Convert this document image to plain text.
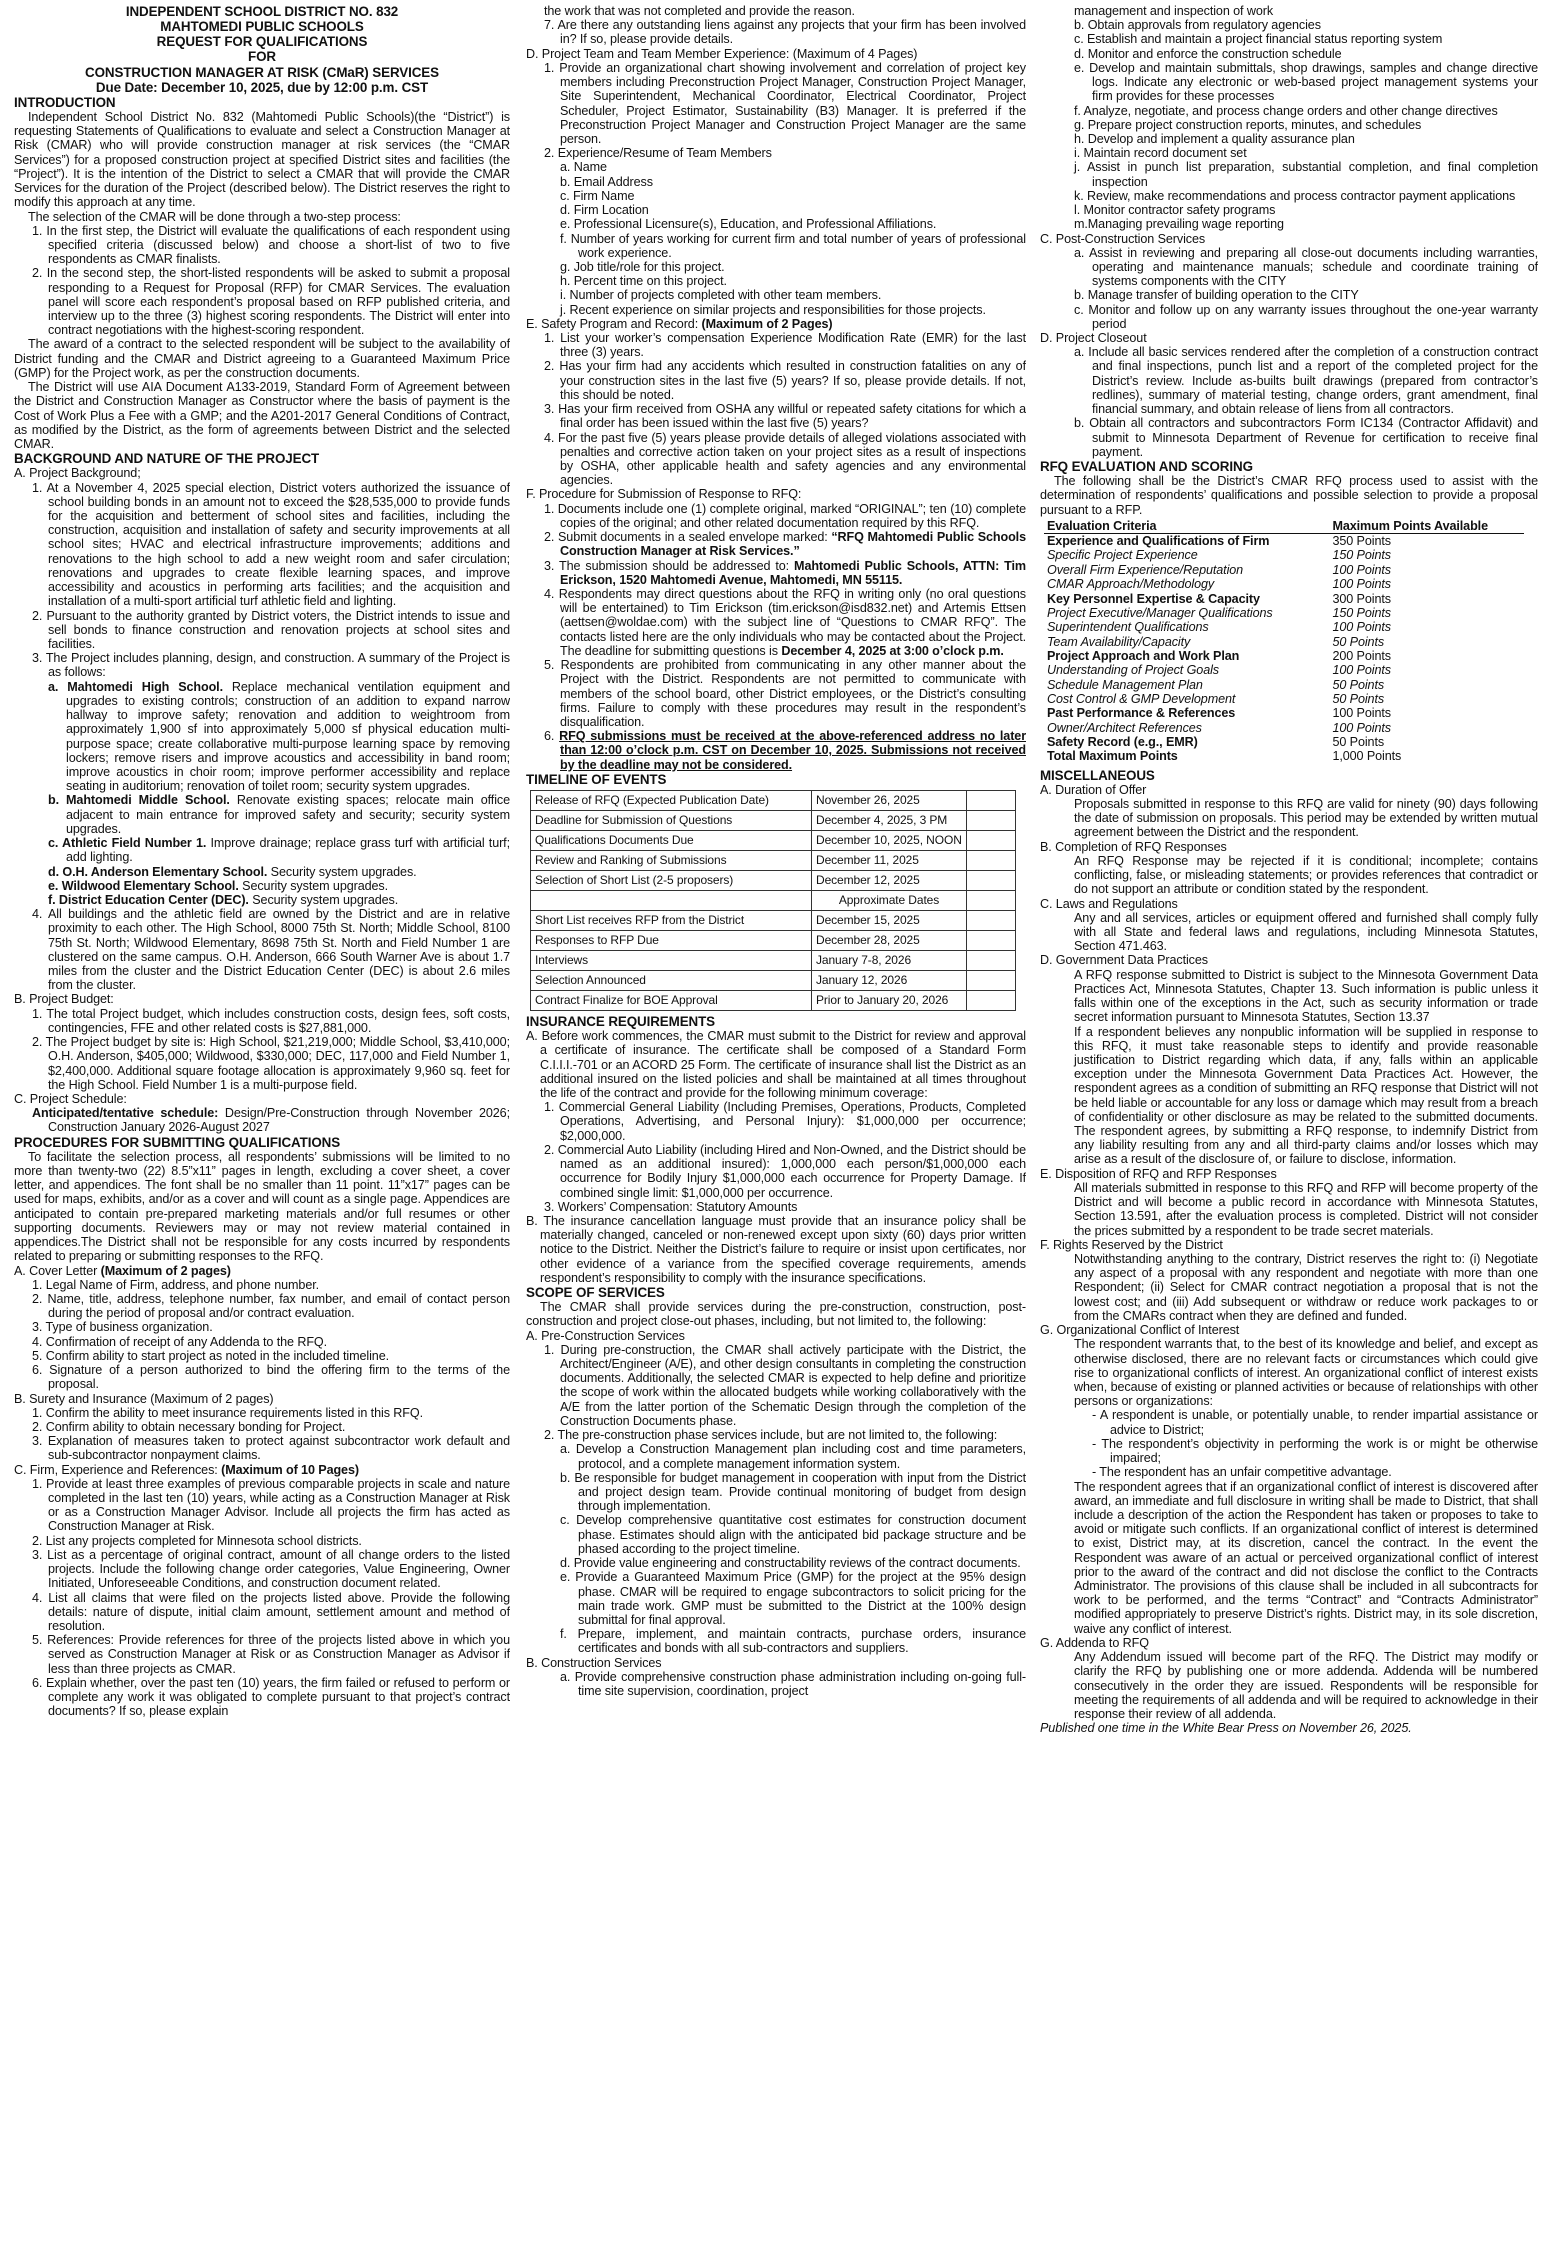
INDEPENDENT SCHOOL DISTRICT NO. 832

MAHTOMEDI PUBLIC SCHOOLS

REQUEST FOR QUALIFICATIONS

FOR

CONSTRUCTION MANAGER AT RISK (CMaR) SERVICES

Due Date: December 10, 2025, due by 12:00 p.m. CST

INTRODUCTION

Independent School District No. 832 (Mahtomedi Public Schools)(the “District”) is requesting Statements of Qualifications to evaluate and select a Construction Manager at Risk (CMAR) who will provide construction manager at risk services (the “CMAR Services”) for a proposed construction project at specified District sites and facilities (the “Project”). It is the intention of the District to select a CMAR that will provide the CMAR Services for the duration of the Project (described below). The District reserves the right to modify this approach at any time.

The selection of the CMAR will be done through a two-step process:

1. In the first step, the District will evaluate the qualifications of each respondent using specified criteria (discussed below) and choose a short-list of two to five respondents as CMAR finalists.

2. In the second step, the short-listed respondents will be asked to submit a proposal responding to a Request for Proposal (RFP) for CMAR Services. The evaluation panel will score each respondent’s proposal based on RFP published criteria, and interview up to the three (3) highest scoring respondents. The District will enter into contract negotiations with the highest-scoring respondent.

The award of a contract to the selected respondent will be subject to the availability of District funding and the CMAR and District agreeing to a Guaranteed Maximum Price (GMP) for the Project work, as per the construction documents.

The District will use AIA Document A133-2019, Standard Form of Agreement between the District and Construction Manager as Constructor where the basis of payment is the Cost of Work Plus a Fee with a GMP; and the A201-2017 General Conditions of Contract, as modified by the District, as the form of agreements between District and the selected CMAR.

BACKGROUND AND NATURE OF THE PROJECT

A. Project Background;

1. At a November 4, 2025 special election, District voters authorized the issuance of school building bonds in an amount not to exceed the $28,535,000 to provide funds for the acquisition and betterment of school sites and facilities, including the construction, acquisition and installation of safety and security improvements at all school sites; HVAC and electrical infrastructure improvements; additions and renovations to the high school to add a new weight room and safer circulation; renovations and upgrades to create flexible learning spaces, and improve accessibility and acoustics in performing arts facilities; and the acquisition and installation of a multi-sport artificial turf athletic field and lighting.

2. Pursuant to the authority granted by District voters, the District intends to issue and sell bonds to finance construction and renovation projects at school sites and facilities.

3. The Project includes planning, design, and construction. A summary of the Project is as follows:

a. Mahtomedi High School. Replace mechanical ventilation equipment and upgrades to existing controls; construction of an addition to expand narrow hallway to improve safety; renovation and addition to weightroom from approximately 1,900 sf into approximately 5,000 sf physical education multi-purpose space; create collaborative multi-purpose learning space by removing lockers; remove risers and improve acoustics and accessibility in band room; improve acoustics in choir room; improve performer accessibility and replace seating in auditorium; renovation of toilet room; security system upgrades.

b. Mahtomedi Middle School. Renovate existing spaces; relocate main office adjacent to main entrance for improved safety and security; security system upgrades.

c. Athletic Field Number 1. Improve drainage; replace grass turf with artificial turf; add lighting.

d. O.H. Anderson Elementary School. Security system upgrades.

e. Wildwood Elementary School. Security system upgrades.

f. District Education Center (DEC). Security system upgrades.

4. All buildings and the athletic field are owned by the District and are in relative proximity to each other. The High School, 8000 75th St. North; Middle School, 8100 75th St. North; Wildwood Elementary, 8698 75th St. North and Field Number 1 are clustered on the same campus. O.H. Anderson, 666 South Warner Ave is about 1.7 miles from the cluster and the District Education Center (DEC) is about 2.6 miles from the cluster.

B. Project Budget:

1. The total Project budget, which includes construction costs, design fees, soft costs, contingencies, FFE and other related costs is $27,881,000.

2. The Project budget by site is: High School, $21,219,000; Middle School, $3,410,000; O.H. Anderson, $405,000; Wildwood, $330,000; DEC, 117,000 and Field Number 1, $2,400,000. Additional square footage allocation is approximately 9,960 sq. feet for the High School. Field Number 1 is a multi-purpose field.

C. Project Schedule:

Anticipated/tentative schedule: Design/Pre-Construction through November 2026; Construction January 2026-August 2027

PROCEDURES FOR SUBMITTING QUALIFICATIONS

To facilitate the selection process, all respondents’ submissions will be limited to no more than twenty-two (22) 8.5”x11” pages in length, excluding a cover sheet, a cover letter, and appendices. The font shall be no smaller than 11 point. 11”x17” pages can be used for maps, exhibits, and/or as a cover and will count as a single page. Appendices are anticipated to contain pre-prepared marketing materials and/or full resumes or other supporting documents. Reviewers may or may not review material contained in appendices.The District shall not be responsible for any costs incurred by respondents related to preparing or submitting responses to the RFQ.

A. Cover Letter (Maximum of 2 pages)

1. Legal Name of Firm, address, and phone number.

2. Name, title, address, telephone number, fax number, and email of contact person during the period of proposal and/or contract evaluation.

3. Type of business organization.

4. Confirmation of receipt of any Addenda to the RFQ.

5. Confirm ability to start project as noted in the included timeline.

6. Signature of a person authorized to bind the offering firm to the terms of the proposal.

B. Surety and Insurance (Maximum of 2 pages)

1. Confirm the ability to meet insurance requirements listed in this RFQ.

2. Confirm ability to obtain necessary bonding for Project.

3. Explanation of measures taken to protect against subcontractor work default and sub-subcontractor nonpayment claims.

C. Firm, Experience and References: (Maximum of 10 Pages)

1. Provide at least three examples of previous comparable projects in scale and nature completed in the last ten (10) years, while acting as a Construction Manager at Risk or as a Construction Manager Advisor. Include all projects the firm has acted as Construction Manager at Risk.

2. List any projects completed for Minnesota school districts.

3. List as a percentage of original contract, amount of all change orders to the listed projects. Include the following change order categories, Value Engineering, Owner Initiated, Unforeseeable Conditions, and construction document related.

4. List all claims that were filed on the projects listed above. Provide the following details: nature of dispute, initial claim amount, settlement amount and method of resolution.

5. References: Provide references for three of the projects listed above in which you served as Construction Manager at Risk or as Construction Manager as Advisor if less than three projects as CMAR.

6. Explain whether, over the past ten (10) years, the firm failed or refused to perform or complete any work it was obligated to complete pursuant to that project’s contract documents? If so, please explain

the work that was not completed and provide the reason.

7. Are there any outstanding liens against any projects that your firm has been involved in? If so, please provide details.

D. Project Team and Team Member Experience: (Maximum of 4 Pages)

1. Provide an organizational chart showing involvement and correlation of project key members including Preconstruction Project Manager, Construction Project Manager, Site Superintendent, Mechanical Coordinator, Electrical Coordinator, Project Scheduler, Project Estimator, Sustainability (B3) Manager. It is preferred if the Preconstruction Project Manager and Construction Project Manager are the same person.

2. Experience/Resume of Team Members

a. Name

b. Email Address

c. Firm Name

d. Firm Location

e. Professional Licensure(s), Education, and Professional Affiliations.

f. Number of years working for current firm and total number of years of professional work experience.

g. Job title/role for this project.

h. Percent time on this project.

i. Number of projects completed with other team members.

j. Recent experience on similar projects and responsibilities for those projects.

E. Safety Program and Record: (Maximum of 2 Pages)

1. List your worker’s compensation Experience Modification Rate (EMR) for the last three (3) years.

2. Has your firm had any accidents which resulted in construction fatalities on any of your construction sites in the last five (5) years? If so, please provide details. If not, this should be noted.

3. Has your firm received from OSHA any willful or repeated safety citations for which a final order has been issued within the last five (5) years?

4. For the past five (5) years please provide details of alleged violations associated with penalties and corrective action taken on your project sites as a result of inspections by OSHA, other applicable health and safety agencies and any environmental agencies.

F. Procedure for Submission of Response to RFQ:

1. Documents include one (1) complete original, marked “ORIGINAL”; ten (10) complete copies of the original; and other related documentation required by this RFQ.

2. Submit documents in a sealed envelope marked: “RFQ Mahtomedi Public Schools Construction Manager at Risk Services.”

3. The submission should be addressed to: Mahtomedi Public Schools, ATTN: Tim Erickson, 1520 Mahtomedi Avenue, Mahtomedi, MN 55115.

4. Respondents may direct questions about the RFQ in writing only (no oral questions will be entertained) to Tim Erickson (tim.erickson@isd832.net) and Artemis Ettsen (aettsen@woldae.com) with the subject line of “Questions to CMAR RFQ”. The contacts listed here are the only individuals who may be contacted about the Project. The deadline for submitting questions is December 4, 2025 at 3:00 o’clock p.m.

5. Respondents are prohibited from communicating in any other manner about the Project with the District. Respondents are not permitted to communicate with members of the school board, other District employees, or the District’s consulting firms. Failure to comply with these procedures may result in the respondent’s disqualification.

6. RFQ submissions must be received at the above-referenced address no later than 12:00 o’clock p.m. CST on December 10, 2025. Submissions not received by the deadline may not be considered.

TIMELINE OF EVENTS

Release of RFQ (Expected Publication Date)	November 26, 2025	
Deadline for Submission of Questions	December 4, 2025, 3 PM	
Qualifications Documents Due	December 10, 2025, NOON	
Review and Ranking of Submissions	December 11, 2025	
Selection of Short List (2-5 proposers)	December 12, 2025	
	Approximate Dates	
Short List receives RFP from the District	December 15, 2025	
Responses to RFP Due	December 28, 2025	
Interviews	January 7-8, 2026	
Selection Announced	January 12, 2026	
Contract Finalize for BOE Approval	Prior to January 20, 2026	

INSURANCE REQUIREMENTS

A. Before work commences, the CMAR must submit to the District for review and approval a certificate of insurance. The certificate shall be composed of a Standard Form C.I.I.I.-701 or an ACORD 25 Form. The certificate of insurance shall list the District as an additional insured on the listed policies and shall be maintained at all times throughout the life of the contract and provide for the following minimum coverage:

1. Commercial General Liability (Including Premises, Operations, Products, Completed Operations, Advertising, and Personal Injury): $1,000,000 per occurrence; $2,000,000.

2. Commercial Auto Liability (including Hired and Non-Owned, and the District should be named as an additional insured): 1,000,000 each person/$1,000,000 each occurrence for Bodily Injury $1,000,000 each occurrence for Property Damage. If combined single limit: $1,000,000 per occurrence.

3. Workers’ Compensation: Statutory Amounts

B. The insurance cancellation language must provide that an insurance policy shall be materially changed, canceled or non-renewed except upon sixty (60) days prior written notice to the District. Neither the District’s failure to require or insist upon certificates, nor other evidence of a variance from the specified coverage requirements, amends respondent’s responsibility to comply with the insurance specifications.

SCOPE OF SERVICES

The CMAR shall provide services during the pre-construction, construction, post-construction and project close-out phases, including, but not limited to, the following:

A. Pre-Construction Services

1. During pre-construction, the CMAR shall actively participate with the District, the Architect/Engineer (A/E), and other design consultants in completing the construction documents. Additionally, the selected CMAR is expected to help define and prioritize the scope of work within the allocated budgets while working collaboratively with the A/E from the latter portion of the Schematic Design through the completion of the Construction Documents phase.

2. The pre-construction phase services include, but are not limited to, the following:

a. Develop a Construction Management plan including cost and time parameters, protocol, and a complete management information system.

b. Be responsible for budget management in cooperation with input from the District and project design team. Provide continual monitoring of budget from design through implementation.

c. Develop comprehensive quantitative cost estimates for construction document phase. Estimates should align with the anticipated bid package structure and be phased according to the project timeline.

d. Provide value engineering and constructability reviews of the contract documents.

e. Provide a Guaranteed Maximum Price (GMP) for the project at the 95% design phase. CMAR will be required to engage subcontractors to solicit pricing for the main trade work. GMP must be submitted to the District at the 100% design submittal for final approval.

f. Prepare, implement, and maintain contracts, purchase orders, insurance certificates and bonds with all sub-contractors and suppliers.

B. Construction Services

a. Provide comprehensive construction phase administration including on-going full-time site supervision, coordination, project

management and inspection of work

b. Obtain approvals from regulatory agencies

c. Establish and maintain a project financial status reporting system

d. Monitor and enforce the construction schedule

e. Develop and maintain submittals, shop drawings, samples and change directive logs. Indicate any electronic or web-based project management systems your firm provides for these processes

f. Analyze, negotiate, and process change orders and other change directives

g. Prepare project construction reports, minutes, and schedules

h. Develop and implement a quality assurance plan

i. Maintain record document set

j. Assist in punch list preparation, substantial completion, and final completion inspection

k. Review, make recommendations and process contractor payment applications

l. Monitor contractor safety programs

m.Managing prevailing wage reporting

C. Post-Construction Services

a. Assist in reviewing and preparing all close-out documents including warranties, operating and maintenance manuals; schedule and coordinate training of systems components with the CITY

b. Manage transfer of building operation to the CITY

c. Monitor and follow up on any warranty issues throughout the one-year warranty period

D. Project Closeout

a. Include all basic services rendered after the completion of a construction contract and final inspections, punch list and a report of the completed project for the District’s review. Include as-builts built drawings (prepared from contractor’s redlines), summary of material testing, change orders, grant amendment, final financial summary, and obtain release of liens from all contractors.

b. Obtain all contractors and subcontractors Form IC134 (Contractor Affidavit) and submit to Minnesota Department of Revenue for certification to receive final payment.

RFQ EVALUATION AND SCORING

The following shall be the District’s CMAR RFQ process used to assist with the determination of respondents’ qualifications and possible selection to provide a proposal pursuant to a RFP.

Evaluation Criteria	Maximum Points Available
Experience and Qualifications of Firm	350 Points
Specific Project Experience	150 Points
Overall Firm Experience/Reputation	100 Points
CMAR Approach/Methodology	100 Points
Key Personnel Expertise & Capacity	300 Points
Project Executive/Manager Qualifications	150 Points
Superintendent Qualifications	100 Points
Team Availability/Capacity	50 Points
Project Approach and Work Plan	200 Points
Understanding of Project Goals	100 Points
Schedule Management Plan	50 Points
Cost Control & GMP Development	50 Points
Past Performance & References	100 Points
Owner/Architect References	100 Points
Safety Record (e.g., EMR)	50 Points
Total Maximum Points	1,000 Points

MISCELLANEOUS

A. Duration of Offer

Proposals submitted in response to this RFQ are valid for ninety (90) days following the date of submission on proposals. This period may be extended by written mutual agreement between the District and the respondent.

B. Completion of RFQ Responses

An RFQ Response may be rejected if it is conditional; incomplete; contains conflicting, false, or misleading statements; or provides references that contradict or do not support an attribute or condition stated by the respondent.

C. Laws and Regulations

Any and all services, articles or equipment offered and furnished shall comply fully with all State and federal laws and regulations, including Minnesota Statutes, Section 471.463.

D. Government Data Practices

A RFQ response submitted to District is subject to the Minnesota Government Data Practices Act, Minnesota Statutes, Chapter 13. Such information is public unless it falls within one of the exceptions in the Act, such as security information or trade secret information pursuant to Minnesota Statutes, Section 13.37

If a respondent believes any nonpublic information will be supplied in response to this RFQ, it must take reasonable steps to identify and provide reasonable justification to District regarding which data, if any, falls within an applicable exception under the Minnesota Government Data Practices Act. However, the respondent agrees as a condition of submitting an RFQ response that District will not be held liable or accountable for any loss or damage which may result from a breach of confidentiality or other disclosure as may be related to the submitted documents. The respondent agrees, by submitting a RFQ response, to indemnify District from any liability resulting from any and all third-party claims and/or losses which may arise as a result of the disclosure of, or failure to disclose, information.

E. Disposition of RFQ and RFP Responses

All materials submitted in response to this RFQ and RFP will become property of the District and will become a public record in accordance with Minnesota Statutes, Section 13.591, after the evaluation process is completed. District will not consider the prices submitted by a respondent to be trade secret materials.

F. Rights Reserved by the District

Notwithstanding anything to the contrary, District reserves the right to: (i) Negotiate any aspect of a proposal with any respondent and negotiate with more than one Respondent; (ii) Select for CMAR contract negotiation a proposal that is not the lowest cost; and (iii) Add subsequent or withdraw or reduce work packages to or from the CMARs contract when they are defined and funded.

G. Organizational Conflict of Interest

The respondent warrants that, to the best of its knowledge and belief, and except as otherwise disclosed, there are no relevant facts or circumstances which could give rise to organizational conflicts of interest. An organizational conflict of interest exists when, because of existing or planned activities or because of relationships with other persons or organizations:

- A respondent is unable, or potentially unable, to render impartial assistance or advice to District;

- The respondent’s objectivity in performing the work is or might be otherwise impaired;

- The respondent has an unfair competitive advantage.

The respondent agrees that if an organizational conflict of interest is discovered after award, an immediate and full disclosure in writing shall be made to District, that shall include a description of the action the Respondent has taken or proposes to take to avoid or mitigate such conflicts. If an organizational conflict of interest is determined to exist, District may, at its discretion, cancel the contract. In the event the Respondent was aware of an actual or perceived organizational conflict of interest prior to the award of the contract and did not disclose the conflict to the Contracts Administrator. The provisions of this clause shall be included in all subcontracts for work to be performed, and the terms “Contract” and “Contracts Administrator” modified appropriately to preserve District’s rights. District may, in its sole discretion, waive any conflict of interest.

G. Addenda to RFQ

Any Addendum issued will become part of the RFQ. The District may modify or clarify the RFQ by publishing one or more addenda. Addenda will be numbered consecutively in the order they are issued. Respondents will be responsible for meeting the requirements of all addenda and will be required to acknowledge in their response their review of all addenda.

Published one time in the White Bear Press on November 26, 2025.
